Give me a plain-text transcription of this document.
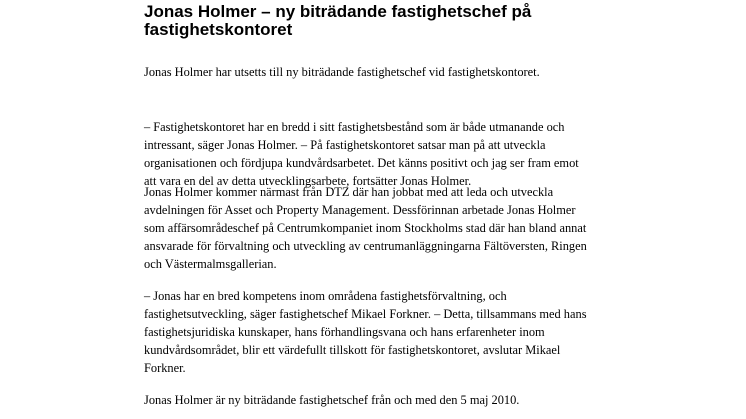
Jonas Holmer – ny biträdande fastighetschef på
fastighetskontoret

Jonas Holmer har utsetts till ny biträdande fastighetschef vid fastighetskontoret.

– Fastighetskontoret har en bredd i sitt fastighetsbestånd som är både utmanande och
intressant, säger Jonas Holmer. – På fastighetskontoret satsar man på att utveckla
organisationen och fördjupa kundvårdsarbetet. Det känns positivt och jag ser fram emot
att vara en del av detta utvecklingsarbete, fortsätter Jonas Holmer.

Jonas Holmer kommer närmast från DTZ där han jobbat med att leda och utveckla
avdelningen för Asset och Property Management. Dessförinnan arbetade Jonas Holmer
som affärsområdeschef på Centrumkompaniet inom Stockholms stad där han bland annat
ansvarade för förvaltning och utveckling av centrumanläggningarna Fältöversten, Ringen
och Västermalmsgallerian.

– Jonas har en bred kompetens inom områdena fastighetsförvaltning, och
fastighetsutveckling, säger fastighetschef Mikael Forkner. – Detta, tillsammans med hans
fastighetsjuridiska kunskaper, hans förhandlingsvana och hans erfarenheter inom
kundvårdsområdet, blir ett värdefullt tillskott för fastighetskontoret, avslutar Mikael
Forkner.

Jonas Holmer är ny biträdande fastighetschef från och med den 5 maj 2010.
